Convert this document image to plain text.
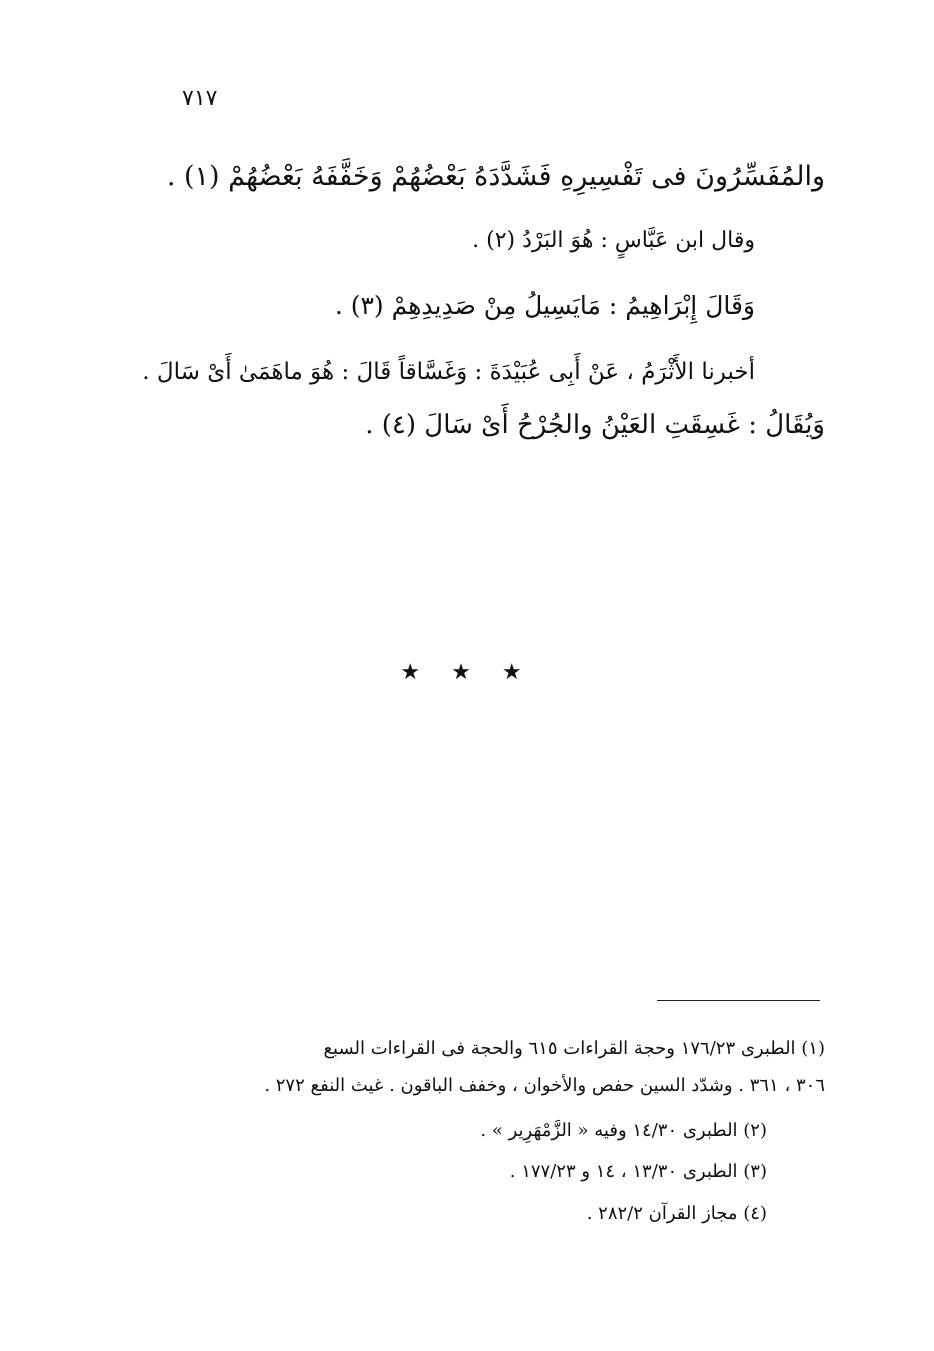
٧١٧
والمُفَسِّرُونَ فى تَفْسِيرِهِ فَشَدَّدَهُ بَعْضُهُمْ وَخَفَّفَهُ بَعْضُهُمْ (١) .
وقال ابن عَبَّاسٍ : هُوَ البَرْدُ (٢) .
وَقَالَ إِبْرَاهِيمُ : مَايَسِيلُ مِنْ صَدِيدِهِمْ (٣) .
أخبرنا الأَثْرَمُ ، عَنْ أَبِى عُبَيْدَةَ : وَغَسَّاقاً قَالَ : هُوَ ماهَمَىٰ أَىْ سَالَ .
وَيُقَالُ : غَسِقَتِ العَيْنُ والجُرْحُ أَىْ سَالَ (٤) .
★ ★ ★
(١) الطبرى ١٧٦/٢٣ وحجة القراءات ٦١٥ والحجة فى القراءات السبع
٣٠٦ ، ٣٦١ . وشدّد السين حفص والأخوان ، وخفف الباقون . غيث النفع ٢٧٢ .
(٢) الطبرى ١٤/٣٠ وفيه « الزَّمْهَرِير » .
(٣) الطبرى ١٣/٣٠ ، ١٤ و ١٧٧/٢٣ .
(٤) مجاز القرآن ٢٨٢/٢ .
